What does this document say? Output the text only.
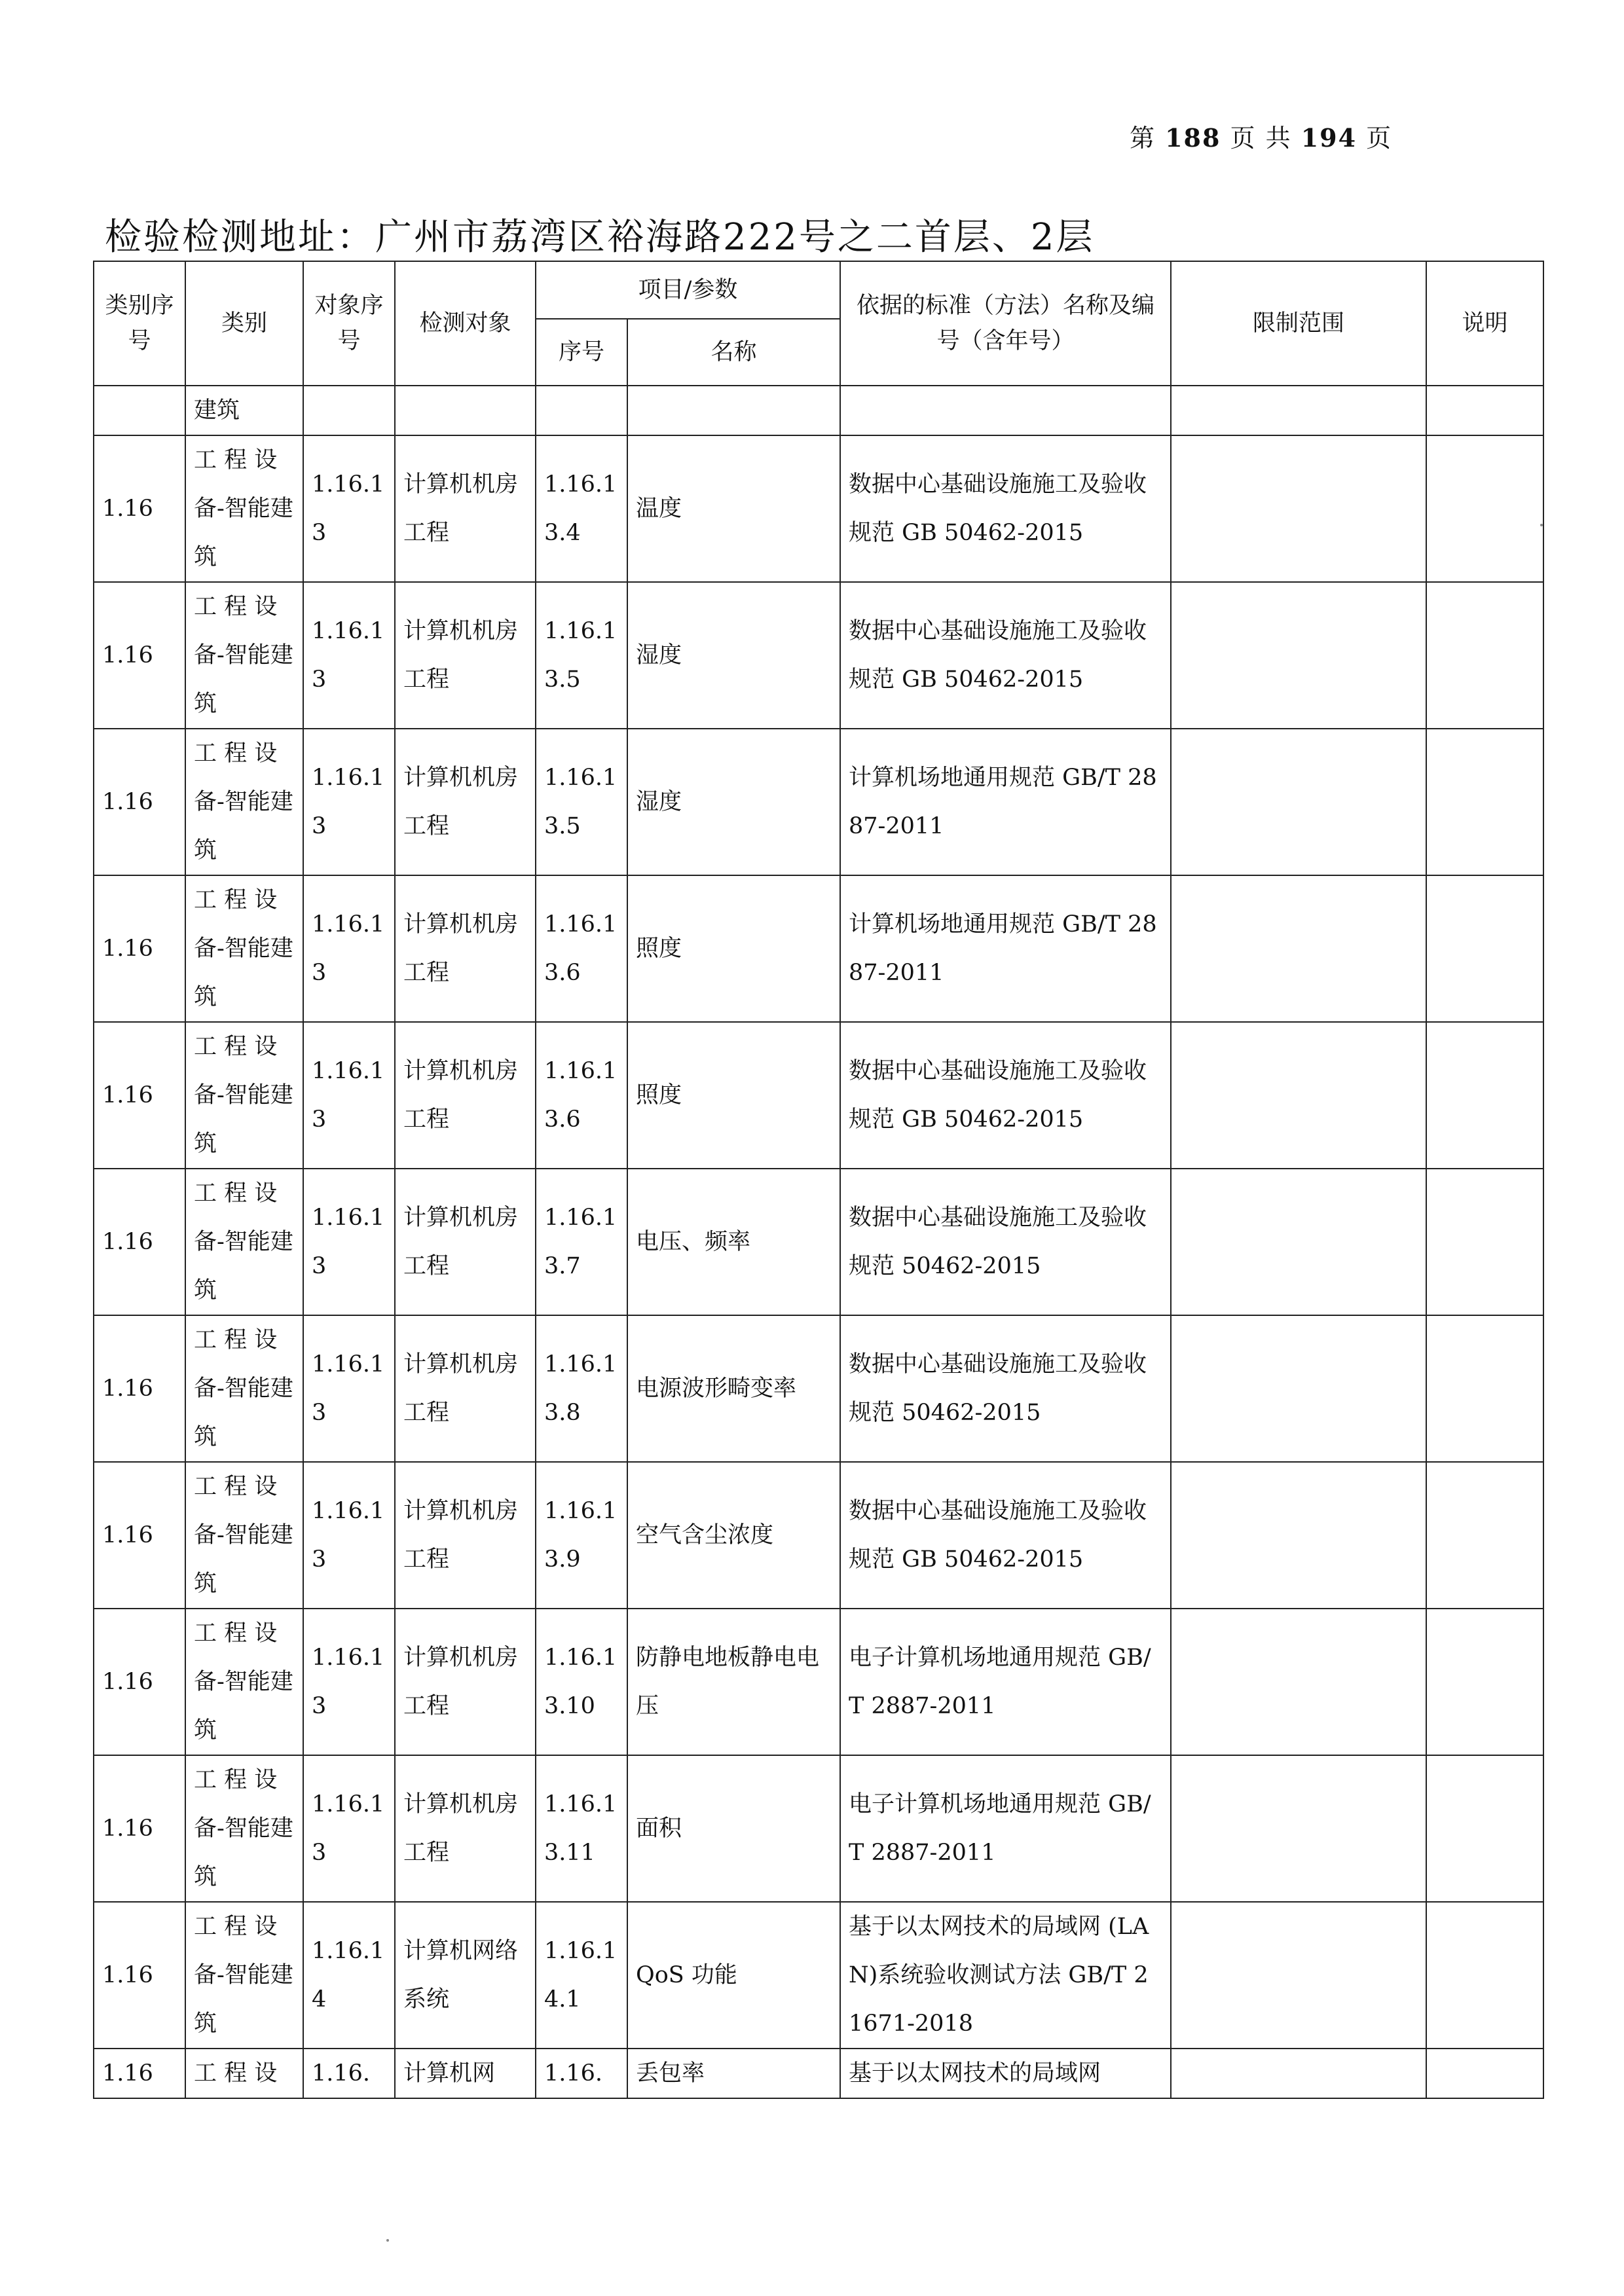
第 188 页 共 194 页
检验检测地址：广州市荔湾区裕海路222号之二首层、2层
类别序号	类别	对象序号	检测对象	项目/参数		依据的标准（方法）名称及编号（含年号）	限制范围	说明
				序号	名称			
	建筑							
1.16	工 程 设备-智能建筑	1.16.13	计算机机房工程	1.16.13.4	温度	数据中心基础设施施工及验收规范 GB 50462-2015		
1.16	工 程 设备-智能建筑	1.16.13	计算机机房工程	1.16.13.5	湿度	数据中心基础设施施工及验收规范 GB 50462-2015		
1.16	工 程 设备-智能建筑	1.16.13	计算机机房工程	1.16.13.5	湿度	计算机场地通用规范 GB/T 2887-2011		
1.16	工 程 设备-智能建筑	1.16.13	计算机机房工程	1.16.13.6	照度	计算机场地通用规范 GB/T 2887-2011		
1.16	工 程 设备-智能建筑	1.16.13	计算机机房工程	1.16.13.6	照度	数据中心基础设施施工及验收规范 GB 50462-2015		
1.16	工 程 设备-智能建筑	1.16.13	计算机机房工程	1.16.13.7	电压、频率	数据中心基础设施施工及验收规范 50462-2015		
1.16	工 程 设备-智能建筑	1.16.13	计算机机房工程	1.16.13.8	电源波形畸变率	数据中心基础设施施工及验收规范 50462-2015		
1.16	工 程 设备-智能建筑	1.16.13	计算机机房工程	1.16.13.9	空气含尘浓度	数据中心基础设施施工及验收规范 GB 50462-2015		
1.16	工 程 设备-智能建筑	1.16.13	计算机机房工程	1.16.13.10	防静电地板静电电压	电子计算机场地通用规范 GB/T 2887-2011		
1.16	工 程 设备-智能建筑	1.16.13	计算机机房工程	1.16.13.11	面积	电子计算机场地通用规范 GB/T 2887-2011		
1.16	工 程 设备-智能建筑	1.16.14	计算机网络系统	1.16.14.1	QoS 功能	基于以太网技术的局域网 (LAN)系统验收测试方法 GB/T 21671-2018		
1.16	工 程 设	1.16.	计算机网	1.16.	丢包率	基于以太网技术的局域网		
